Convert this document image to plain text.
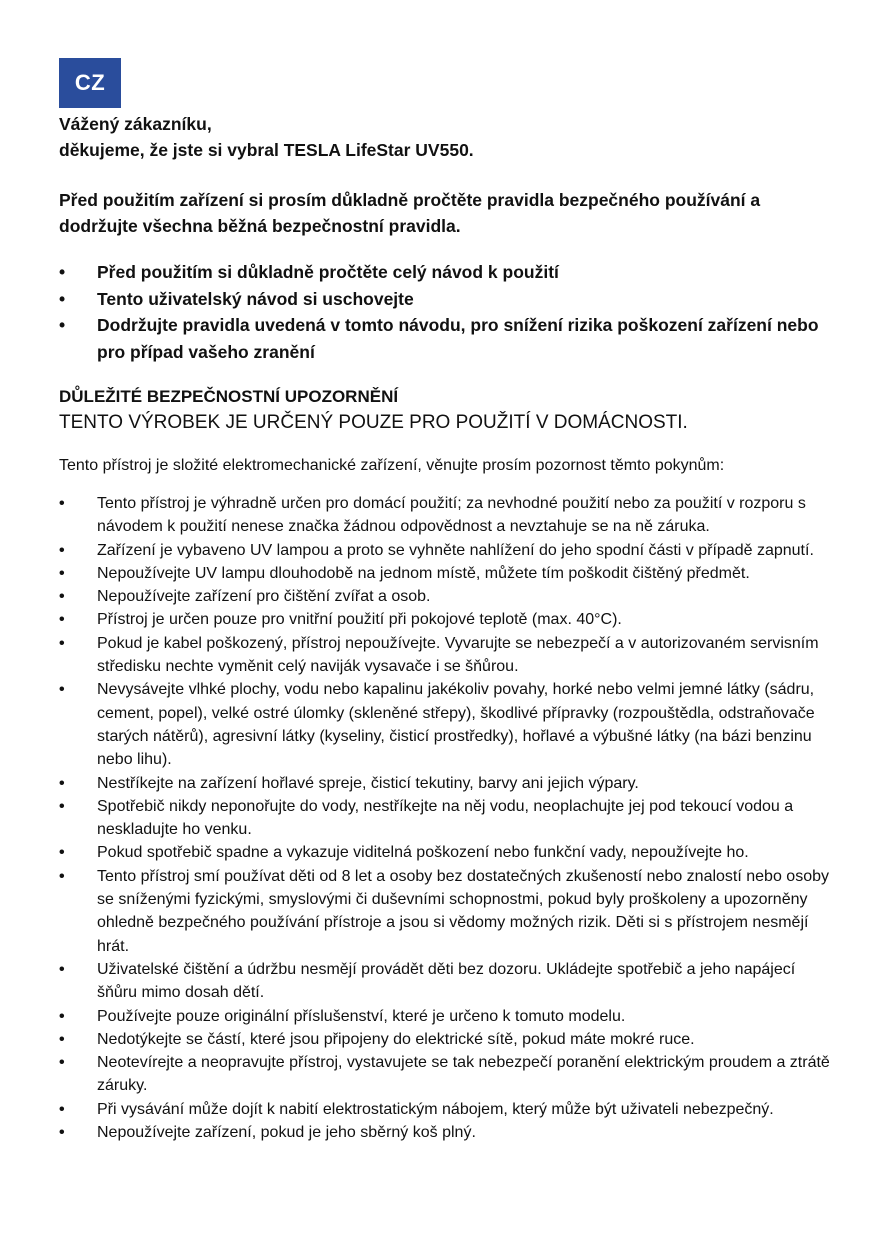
CZ
Vážený zákazníku,
děkujeme, že jste si vybral TESLA LifeStar UV550.
Před použitím zařízení si prosím důkladně pročtěte pravidla bezpečného používání a dodržujte všechna běžná bezpečnostní pravidla.
• Před použitím si důkladně pročtěte celý návod k použití
• Tento uživatelský návod si uschovejte
• Dodržujte pravidla uvedená v tomto návodu, pro snížení rizika poškození zařízení nebo pro případ vašeho zranění
DŮLEŽITÉ BEZPEČNOSTNÍ UPOZORNĚNÍ
TENTO VÝROBEK JE URČENÝ POUZE PRO POUŽITÍ V DOMÁCNOSTI.
Tento přístroj je složité elektromechanické zařízení, věnujte prosím pozornost těmto pokynům:
• Tento přístroj je výhradně určen pro domácí použití; za nevhodné použití nebo za použití v rozporu s návodem k použití nenese značka žádnou odpovědnost a nevztahuje se na ně záruka.
• Zařízení je vybaveno UV lampou a proto se vyhněte nahlížení do jeho spodní části v případě zapnutí.
• Nepoužívejte UV lampu dlouhodobě na jednom místě, můžete tím poškodit čištěný předmět.
• Nepoužívejte zařízení pro čištění zvířat a osob.
• Přístroj je určen pouze pro vnitřní použití při pokojové teplotě (max. 40°C).
• Pokud je kabel poškozený, přístroj nepoužívejte. Vyvarujte se nebezpečí a v autorizovaném servisním středisku nechte vyměnit celý naviják vysavače i se šňůrou.
• Nevysávejte vlhké plochy, vodu nebo kapalinu jakékoliv povahy, horké nebo velmi jemné látky (sádru, cement, popel), velké ostré úlomky (skleněné střepy), škodlivé přípravky (rozpouštědla, odstraňovače starých nátěrů), agresivní látky (kyseliny, čisticí prostředky), hořlavé a výbušné látky (na bázi benzinu nebo lihu).
• Nestříkejte na zařízení hořlavé spreje, čisticí tekutiny, barvy ani jejich výpary.
• Spotřebič nikdy neponořujte do vody, nestříkejte na něj vodu, neoplachujte jej pod tekoucí vodou a neskladujte ho venku.
• Pokud spotřebič spadne a vykazuje viditelná poškození nebo funkční vady, nepoužívejte ho.
• Tento přístroj smí používat děti od 8 let a osoby bez dostatečných zkušeností nebo znalostí nebo osoby se sníženými fyzickými, smyslovými či duševními schopnostmi, pokud byly proškoleny a upozorněny ohledně bezpečného používání přístroje a jsou si vědomy možných rizik. Děti si s přístrojem nesmějí hrát.
• Uživatelské čištění a údržbu nesmějí provádět děti bez dozoru. Ukládejte spotřebič a jeho napájecí šňůru mimo dosah dětí.
• Používejte pouze originální příslušenství, které je určeno k tomuto modelu.
• Nedotýkejte se částí, které jsou připojeny do elektrické sítě, pokud máte mokré ruce.
• Neotevírejte a neopravujte přístroj, vystavujete se tak nebezpečí poranění elektrickým proudem a ztrátě záruky.
• Při vysávání může dojít k nabití elektrostatickým nábojem, který může být uživateli nebezpečný.
• Nepoužívejte zařízení, pokud je jeho sběrný koš plný.
